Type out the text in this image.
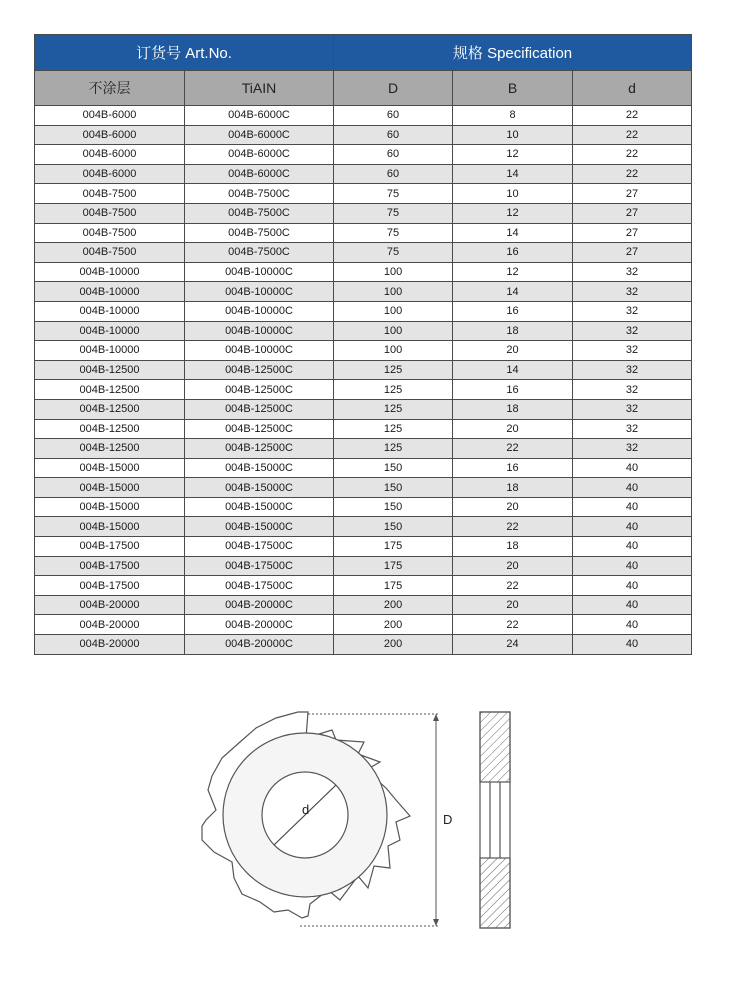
订货号 Art.No.		规格 Specification		
不涂层	TiAIN	D	B	d
004B-6000	004B-6000C	60	8	22
004B-6000	004B-6000C	60	10	22
004B-6000	004B-6000C	60	12	22
004B-6000	004B-6000C	60	14	22
004B-7500	004B-7500C	75	10	27
004B-7500	004B-7500C	75	12	27
004B-7500	004B-7500C	75	14	27
004B-7500	004B-7500C	75	16	27
004B-10000	004B-10000C	100	12	32
004B-10000	004B-10000C	100	14	32
004B-10000	004B-10000C	100	16	32
004B-10000	004B-10000C	100	18	32
004B-10000	004B-10000C	100	20	32
004B-12500	004B-12500C	125	14	32
004B-12500	004B-12500C	125	16	32
004B-12500	004B-12500C	125	18	32
004B-12500	004B-12500C	125	20	32
004B-12500	004B-12500C	125	22	32
004B-15000	004B-15000C	150	16	40
004B-15000	004B-15000C	150	18	40
004B-15000	004B-15000C	150	20	40
004B-15000	004B-15000C	150	22	40
004B-17500	004B-17500C	175	18	40
004B-17500	004B-17500C	175	20	40
004B-17500	004B-17500C	175	22	40
004B-20000	004B-20000C	200	20	40
004B-20000	004B-20000C	200	22	40
004B-20000	004B-20000C	200	24	40
d
D
